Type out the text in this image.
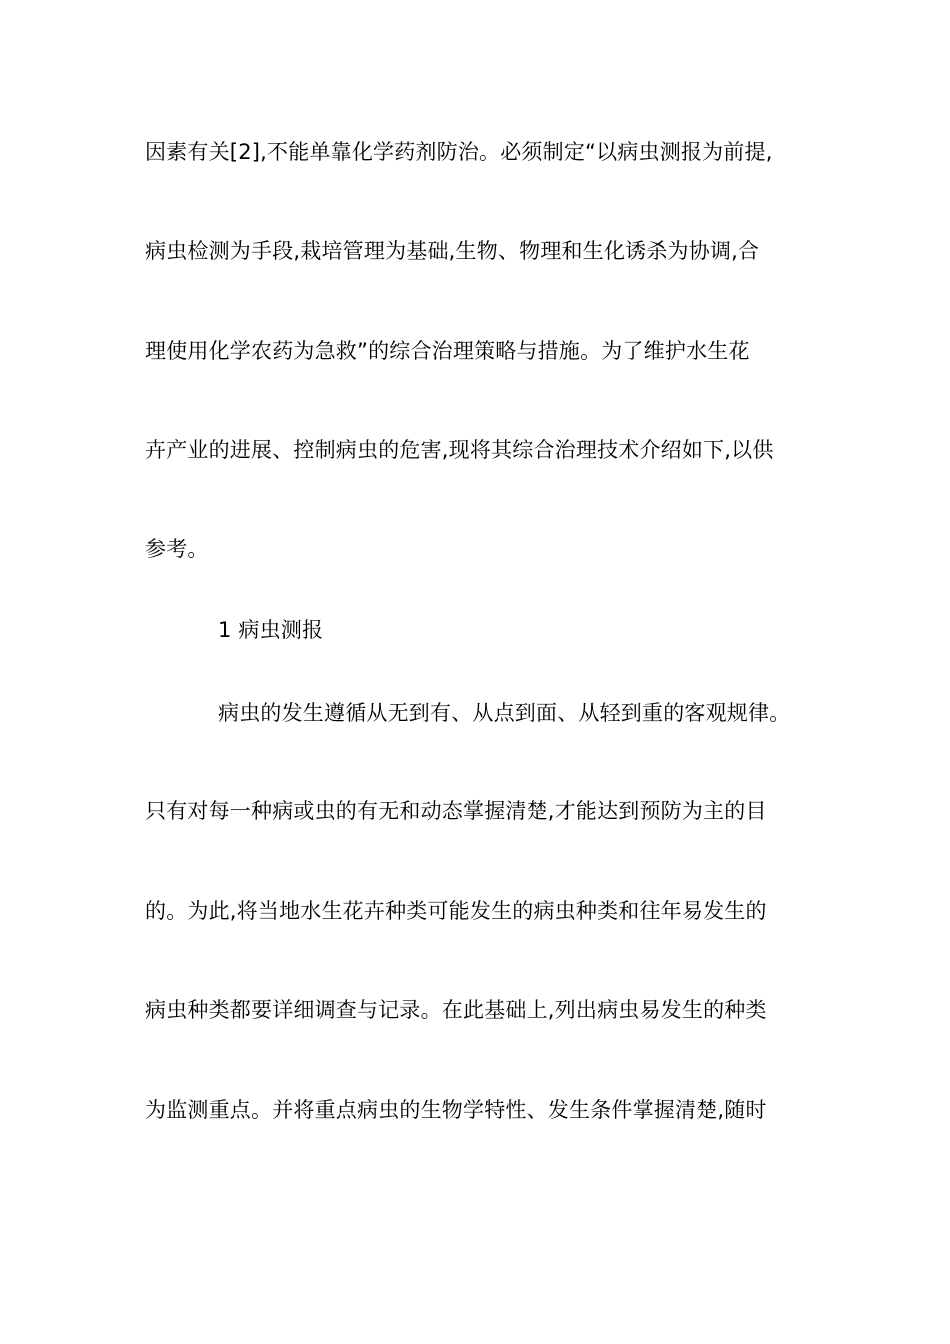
因素有关[2],不能单靠化学药剂防治。必须制定“以病虫测报为前提,
病虫检测为手段,栽培管理为基础,生物、物理和生化诱杀为协调,合
理使用化学农药为急救”的综合治理策略与措施。为了维护水生花
卉产业的进展、控制病虫的危害,现将其综合治理技术介绍如下,以供
参考。
1 病虫测报
病虫的发生遵循从无到有、从点到面、从轻到重的客观规律。
只有对每一种病或虫的有无和动态掌握清楚,才能达到预防为主的目
的。为此,将当地水生花卉种类可能发生的病虫种类和往年易发生的
病虫种类都要详细调查与记录。在此基础上,列出病虫易发生的种类
为监测重点。并将重点病虫的生物学特性、发生条件掌握清楚,随时
